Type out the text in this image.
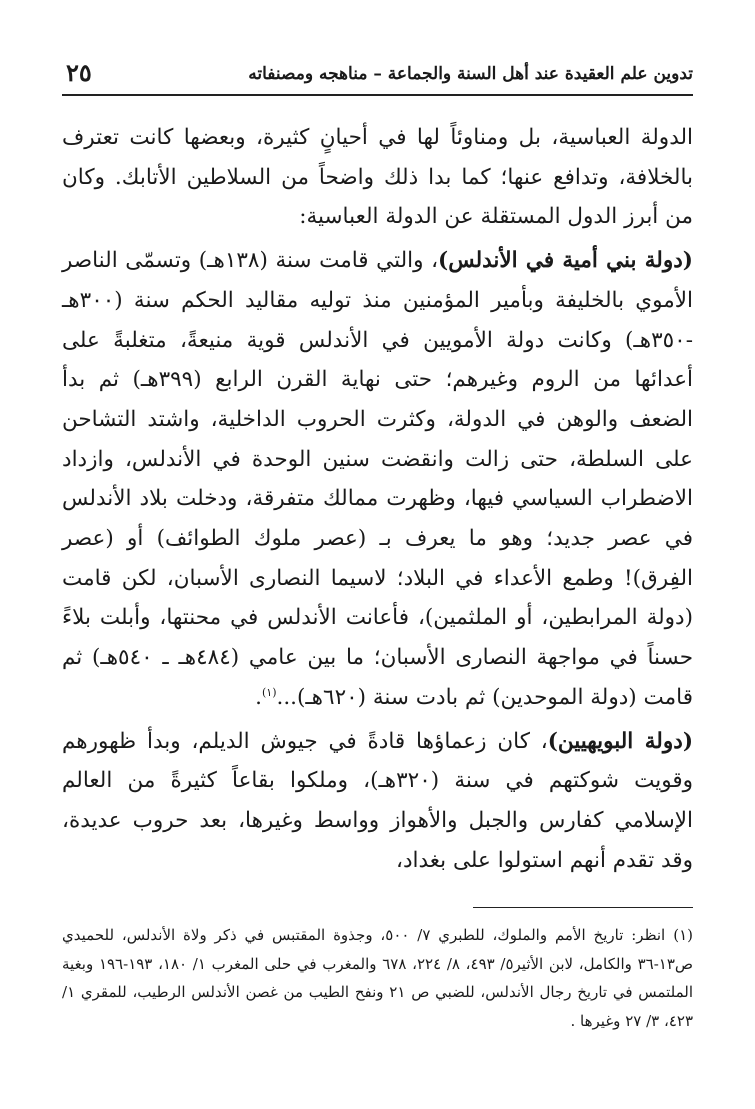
تدوين علم العقيدة عند أهل السنة والجماعة – مناهجه ومصنفاته
٢٥

الدولة العباسية، بل ومناوئاً لها في أحيانٍ كثيرة، وبعضها كانت تعترف بالخلافة، وتدافع عنها؛ كما بدا ذلك واضحاً من السلاطين الأتابك. وكان من أبرز الدول المستقلة عن الدولة العباسية:

(دولة بني أمية في الأندلس)، والتي قامت سنة (١٣٨هـ) وتسمّى الناصر الأموي بالخليفة وبأمير المؤمنين منذ توليه مقاليد الحكم سنة (٣٠٠هـ -٣٥٠هـ) وكانت دولة الأمويين في الأندلس قوية منيعةً، متغلبةً على أعدائها من الروم وغيرهم؛ حتى نهاية القرن الرابع (٣٩٩هـ) ثم بدأ الضعف والوهن في الدولة، وكثرت الحروب الداخلية، واشتد التشاحن على السلطة، حتى زالت وانقضت سنين الوحدة في الأندلس، وازداد الاضطراب السياسي فيها، وظهرت ممالك متفرقة، ودخلت بلاد الأندلس في عصر جديد؛ وهو ما يعرف بـ (عصر ملوك الطوائف) أو (عصر الفِرق)! وطمع الأعداء في البلاد؛ لاسيما النصارى الأسبان، لكن قامت (دولة المرابطين، أو الملثمين)، فأعانت الأندلس في محنتها، وأبلت بلاءً حسناً في مواجهة النصارى الأسبان؛ ما بين عامي (٤٨٤هـ ـ ٥٤٠هـ) ثم قامت (دولة الموحدين) ثم بادت سنة (٦٢٠هـ)...$^{(١)}$.

(دولة البويهيين)، كان زعماؤها قادةً في جيوش الديلم، وبدأ ظهورهم وقويت شوكتهم في سنة (٣٢٠هـ)، وملكوا بقاعاً كثيرةً من العالم الإسلامي كفارس والجبل والأهواز وواسط وغيرها، بعد حروب عديدة، وقد تقدم أنهم استولوا على بغداد،

(١)انظر: تاريخ الأمم والملوك، للطبري ٧/ ٥٠٠، وجذوة المقتبس في ذكر ولاة الأندلس، للحميدي ص١٣-٣٦ والكامل، لابن الأثير٥/ ٤٩٣، ٨/ ٢٢٤، ٦٧٨ والمغرب في حلى المغرب ١/ ١٨٠، ١٩٣-١٩٦ وبغية الملتمس في تاريخ رجال الأندلس، للضبي ص ٢١ ونفح الطيب من غصن الأندلس الرطيب، للمقري ١/ ٤٢٣، ٣/ ٢٧ وغيرها .
